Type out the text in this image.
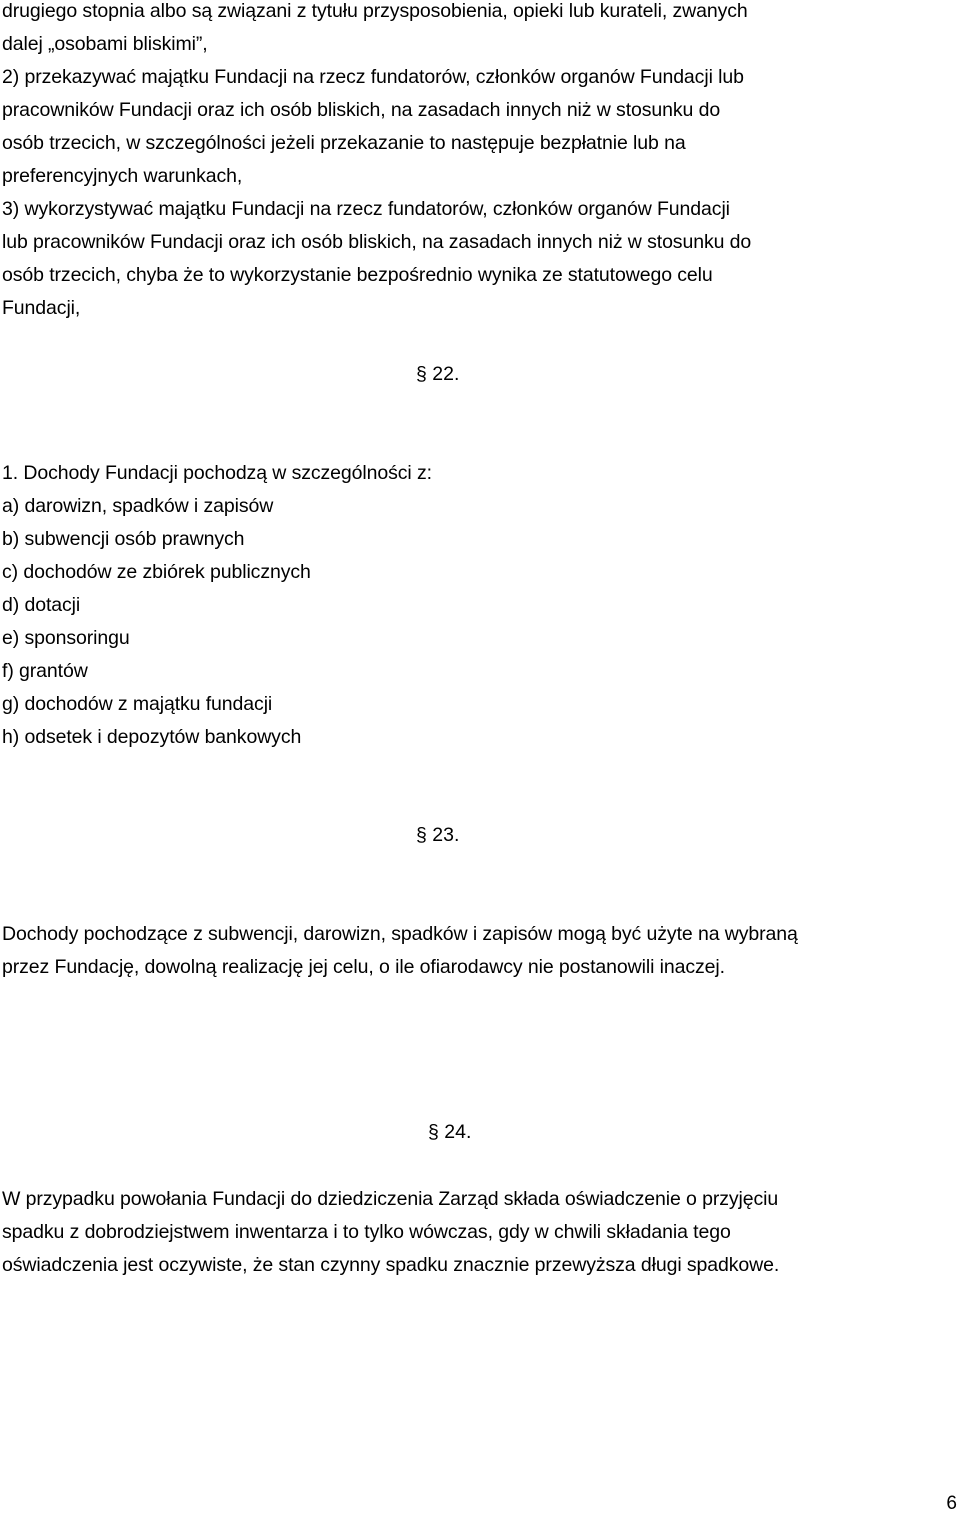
drugiego stopnia albo są związani z tytułu przysposobienia, opieki lub kurateli, zwanych
dalej „osobami bliskimi”,
2) przekazywać majątku Fundacji na rzecz fundatorów, członków organów Fundacji lub
pracowników Fundacji oraz ich osób bliskich, na zasadach innych niż w stosunku do
osób trzecich, w szczególności jeżeli przekazanie to następuje bezpłatnie lub na
preferencyjnych warunkach,
3) wykorzystywać majątku Fundacji na rzecz fundatorów, członków organów Fundacji
lub pracowników Fundacji oraz ich osób bliskich, na zasadach innych niż w stosunku do
osób trzecich, chyba że to wykorzystanie bezpośrednio wynika ze statutowego celu
Fundacji,
§ 22.
1. Dochody Fundacji pochodzą w szczególności z:
a) darowizn, spadków i zapisów
b) subwencji osób prawnych
c) dochodów ze zbiórek publicznych
d) dotacji
e) sponsoringu
f) grantów
g) dochodów z majątku fundacji
h) odsetek i depozytów bankowych
§ 23.
Dochody pochodzące z subwencji, darowizn, spadków i zapisów mogą być użyte na wybraną
przez Fundację, dowolną realizację jej celu, o ile ofiarodawcy nie postanowili inaczej.
§ 24.
W przypadku powołania Fundacji do dziedziczenia Zarząd składa oświadczenie o przyjęciu
spadku z dobrodziejstwem inwentarza i to tylko wówczas, gdy w chwili składania tego
oświadczenia jest oczywiste, że stan czynny spadku znacznie przewyższa długi spadkowe.
6
